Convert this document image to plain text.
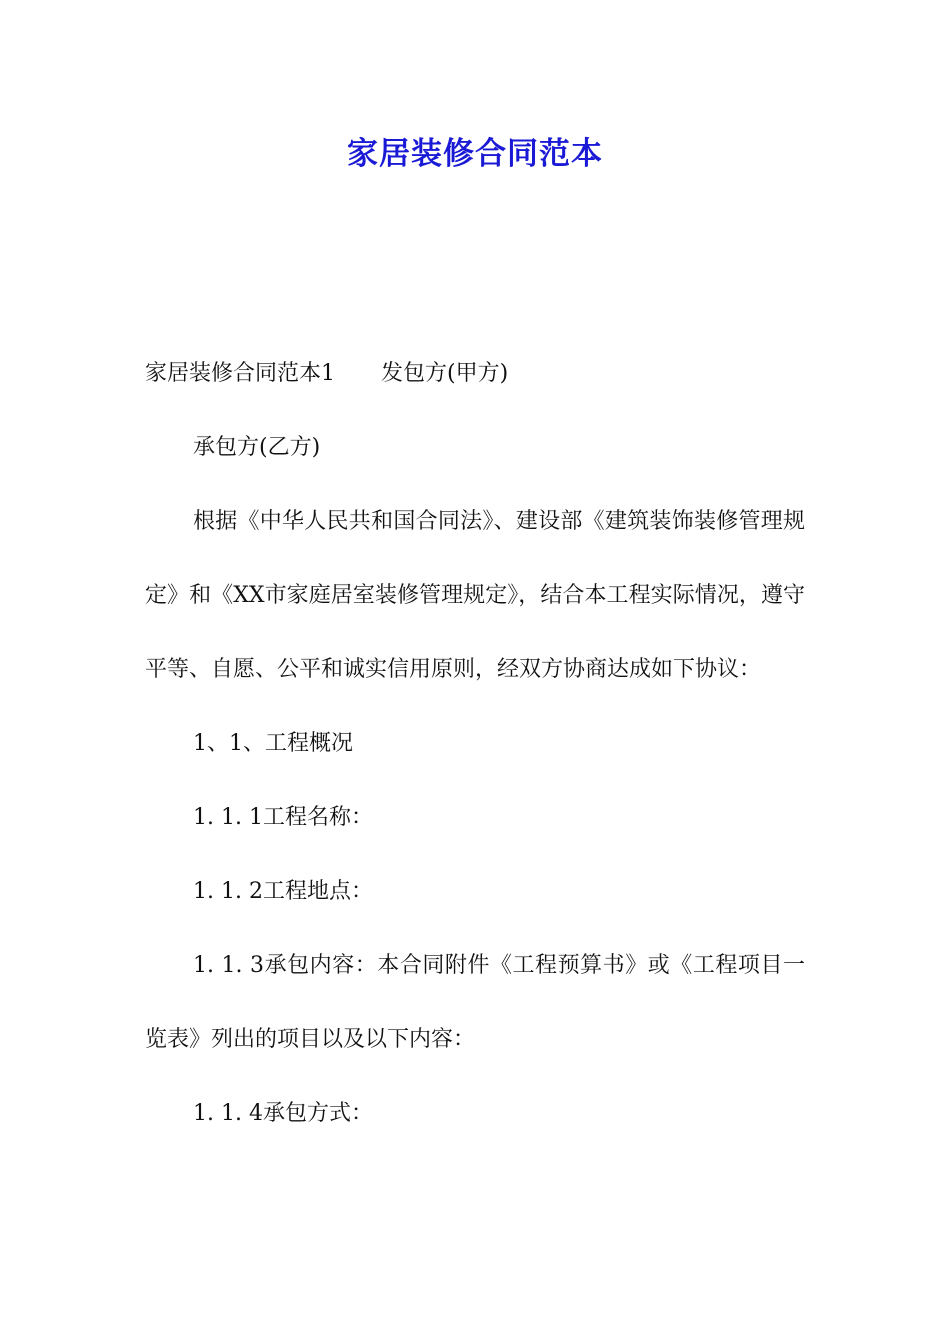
家居装修合同范本

家居装修合同范本1 发包方(甲方)

承包方(乙方)

根据《中华人民共和国合同法》、建设部《建筑装饰装修管理规定》和《XX市家庭居室装修管理规定》，结合本工程实际情况，遵守平等、自愿、公平和诚实信用原则，经双方协商达成如下协议：

1、1、工程概况

1. 1. 1工程名称：

1. 1. 2工程地点：

1. 1. 3承包内容：本合同附件《工程预算书》或《工程项目一览表》列出的项目以及以下内容：

1. 1. 4承包方式：
